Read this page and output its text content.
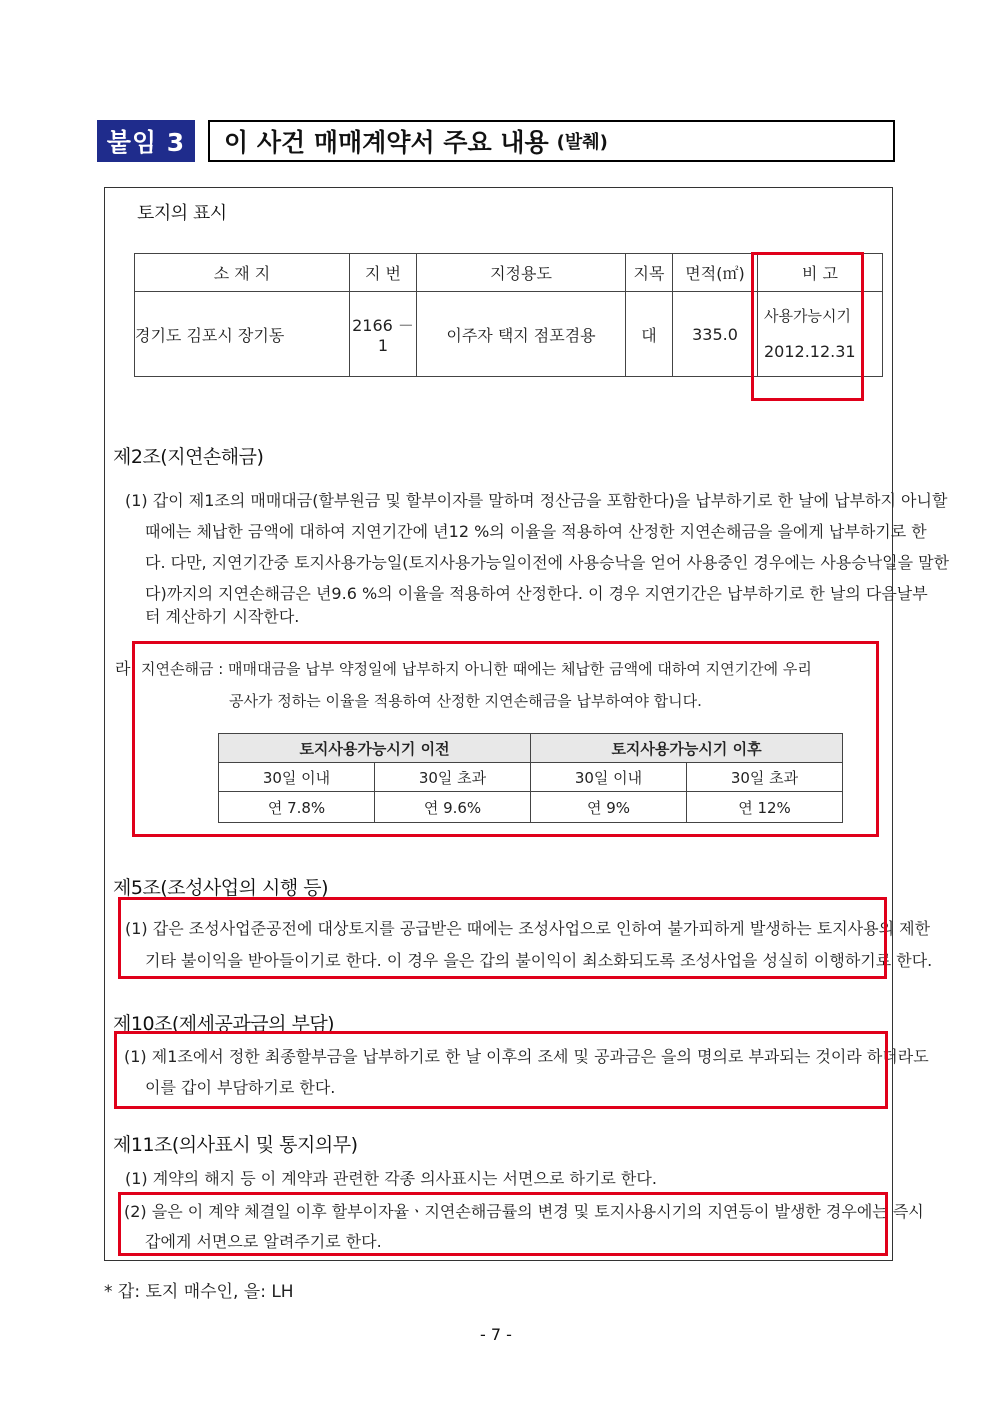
붙임 3	이 사건 매매계약서 주요 내용 (발췌)
토지의 표시
소 재 지	지 번	지정용도	지목	면적(㎡)	비 고
경기도 김포시 장기동	2166 －1	이주자 택지 점포겸용	대	335.0	사용가능시기
2012.12.31
제2조(지연손해금)
(1) 갑이 제1조의 매매대금(할부원금 및 할부이자를 말하며 정산금을 포함한다)을 납부하기로 한 날에 납부하지 아니할
때에는 체납한 금액에 대하여 지연기간에 년12 %의 이율을 적용하여 산정한 지연손해금을 을에게 납부하기로 한
다. 다만, 지연기간중 토지사용가능일(토지사용가능일이전에 사용승낙을 얻어 사용중인 경우에는 사용승낙일을 말한
다)까지의 지연손해금은 년9.6 %의 이율을 적용하여 산정한다. 이 경우 지연기간은 납부하기로 한 날의 다음날부
터 계산하기 시작한다.
라. 지연손해금 : 매매대금을 납부 약정일에 납부하지 아니한 때에는 체납한 금액에 대하여 지연기간에 우리
공사가 정하는 이율을 적용하여 산정한 지연손해금을 납부하여야 합니다.
토지사용가능시기 이전		토지사용가능시기 이후	
30일 이내	30일 초과	30일 이내	30일 초과
연 7.8%	연 9.6%	연 9%	연 12%
제5조(조성사업의 시행 등)
(1) 갑은 조성사업준공전에 대상토지를 공급받은 때에는 조성사업으로 인하여 불가피하게 발생하는 토지사용의 제한
기타 불이익을 받아들이기로 한다. 이 경우 을은 갑의 불이익이 최소화되도록 조성사업을 성실히 이행하기로 한다.
제10조(제세공과금의 부담)
(1) 제1조에서 정한 최종할부금을 납부하기로 한 날 이후의 조세 및 공과금은 을의 명의로 부과되는 것이라 하더라도
이를 갑이 부담하기로 한다.
제11조(의사표시 및 통지의무)
(1) 계약의 해지 등 이 계약과 관련한 각종 의사표시는 서면으로 하기로 한다.
(2) 을은 이 계약 체결일 이후 할부이자율ㆍ지연손해금률의 변경 및 토지사용시기의 지연등이 발생한 경우에는 즉시
갑에게 서면으로 알려주기로 한다.
* 갑: 토지 매수인, 을: LH
- 7 -
